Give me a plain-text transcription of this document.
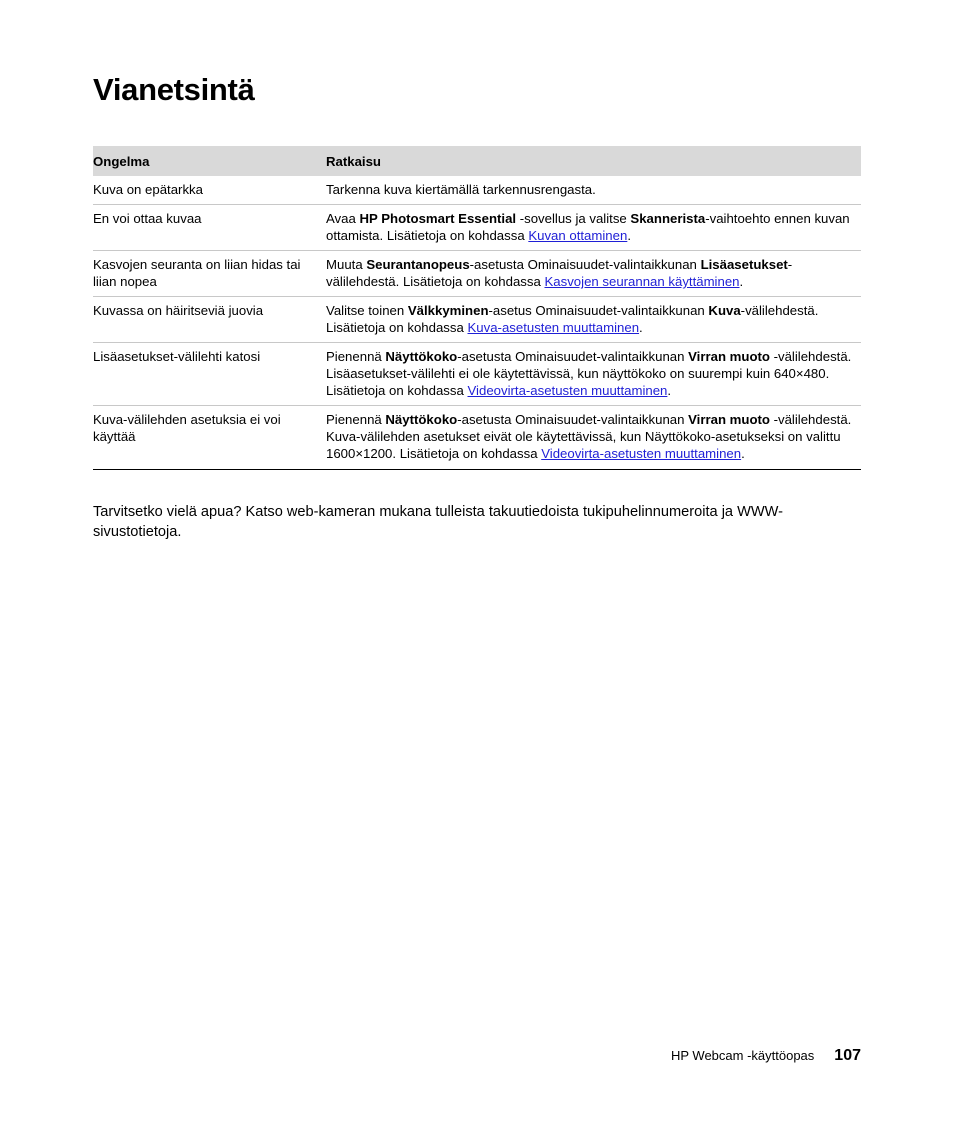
Vianetsintä
Ongelma	Ratkaisu
Kuva on epätarkka	Tarkenna kuva kiertämällä tarkennusrengasta.
En voi ottaa kuvaa	Avaa HP Photosmart Essential -sovellus ja valitse Skannerista-vaihtoehto ennen kuvan ottamista. Lisätietoja on kohdassa Kuvan ottaminen.
Kasvojen seuranta on liian hidas tai liian nopea	Muuta Seurantanopeus-asetusta Ominaisuudet-valintaikkunan Lisäasetukset-välilehdestä. Lisätietoja on kohdassa Kasvojen seurannan käyttäminen.
Kuvassa on häiritseviä juovia	Valitse toinen Välkkyminen-asetus Ominaisuudet-valintaikkunan Kuva-välilehdestä. Lisätietoja on kohdassa Kuva-asetusten muuttaminen.
Lisäasetukset-välilehti katosi	Pienennä Näyttökoko-asetusta Ominaisuudet-valintaikkunan Virran muoto -välilehdestä. Lisäasetukset-välilehti ei ole käytettävissä, kun näyttökoko on suurempi kuin 640×480. Lisätietoja on kohdassa Videovirta-asetusten muuttaminen.
Kuva-välilehden asetuksia ei voi käyttää	Pienennä Näyttökoko-asetusta Ominaisuudet-valintaikkunan Virran muoto -välilehdestä. Kuva-välilehden asetukset eivät ole käytettävissä, kun Näyttökoko-asetukseksi on valittu 1600×1200. Lisätietoja on kohdassa Videovirta-asetusten muuttaminen.

Tarvitsetko vielä apua? Katso web-kameran mukana tulleista takuutiedoista tukipuhelinnumeroita ja WWW-sivustotietoja.

HP Webcam -käyttöopas 107
